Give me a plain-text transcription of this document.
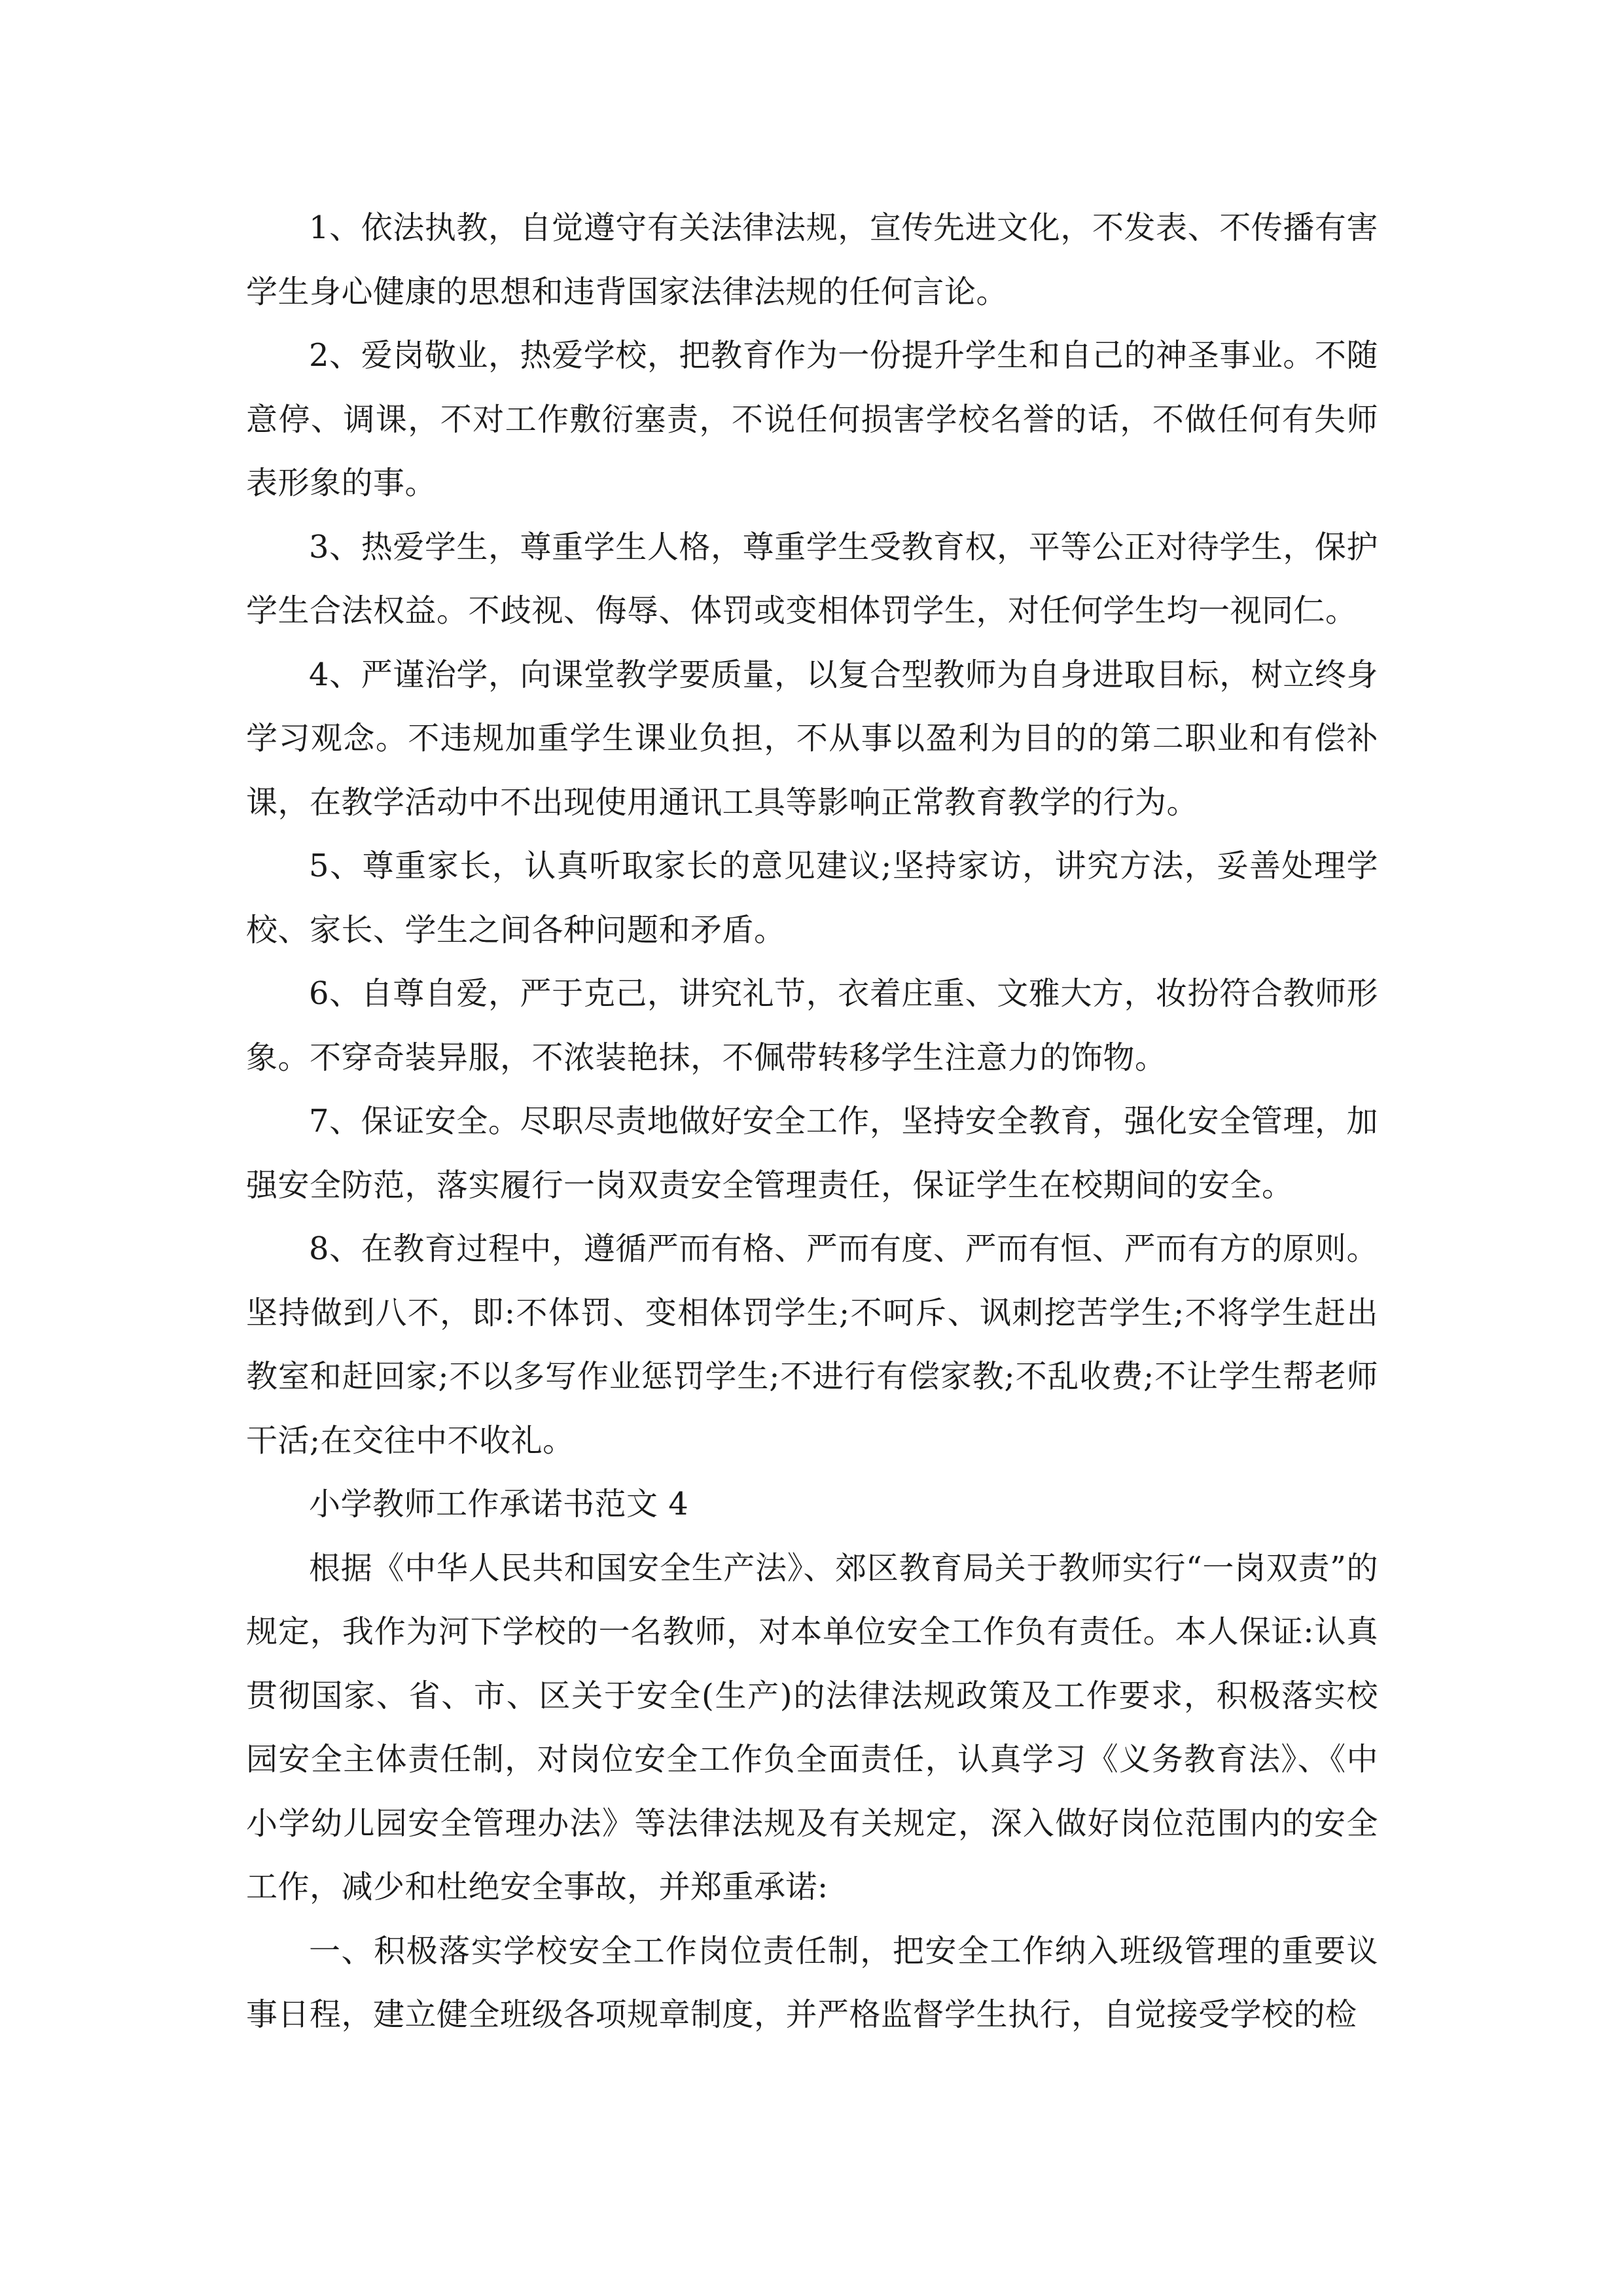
1、依法执教，自觉遵守有关法律法规，宣传先进文化，不发表、不传播有害学生身心健康的思想和违背国家法律法规的任何言论。

2、爱岗敬业，热爱学校，把教育作为一份提升学生和自己的神圣事业。不随意停、调课，不对工作敷衍塞责，不说任何损害学校名誉的话，不做任何有失师表形象的事。

3、热爱学生，尊重学生人格，尊重学生受教育权，平等公正对待学生，保护学生合法权益。不歧视、侮辱、体罚或变相体罚学生，对任何学生均一视同仁。

4、严谨治学，向课堂教学要质量，以复合型教师为自身进取目标，树立终身学习观念。不违规加重学生课业负担，不从事以盈利为目的的第二职业和有偿补课，在教学活动中不出现使用通讯工具等影响正常教育教学的行为。

5、尊重家长，认真听取家长的意见建议;坚持家访，讲究方法，妥善处理学校、家长、学生之间各种问题和矛盾。

6、自尊自爱，严于克己，讲究礼节，衣着庄重、文雅大方，妆扮符合教师形象。不穿奇装异服，不浓装艳抹，不佩带转移学生注意力的饰物。

7、保证安全。尽职尽责地做好安全工作，坚持安全教育，强化安全管理，加强安全防范，落实履行一岗双责安全管理责任，保证学生在校期间的安全。

8、在教育过程中，遵循严而有格、严而有度、严而有恒、严而有方的原则。坚持做到八不，即:不体罚、变相体罚学生;不呵斥、讽刺挖苦学生;不将学生赶出教室和赶回家;不以多写作业惩罚学生;不进行有偿家教;不乱收费;不让学生帮老师干活;在交往中不收礼。

小学教师工作承诺书范文 4

根据《中华人民共和国安全生产法》、郊区教育局关于教师实行“一岗双责”的规定，我作为河下学校的一名教师，对本单位安全工作负有责任。本人保证:认真贯彻国家、省、市、区关于安全(生产)的法律法规政策及工作要求，积极落实校园安全主体责任制，对岗位安全工作负全面责任，认真学习《义务教育法》、《中小学幼儿园安全管理办法》等法律法规及有关规定，深入做好岗位范围内的安全工作，减少和杜绝安全事故，并郑重承诺:

一、积极落实学校安全工作岗位责任制，把安全工作纳入班级管理的重要议事日程，建立健全班级各项规章制度，并严格监督学生执行，自觉接受学校的检
